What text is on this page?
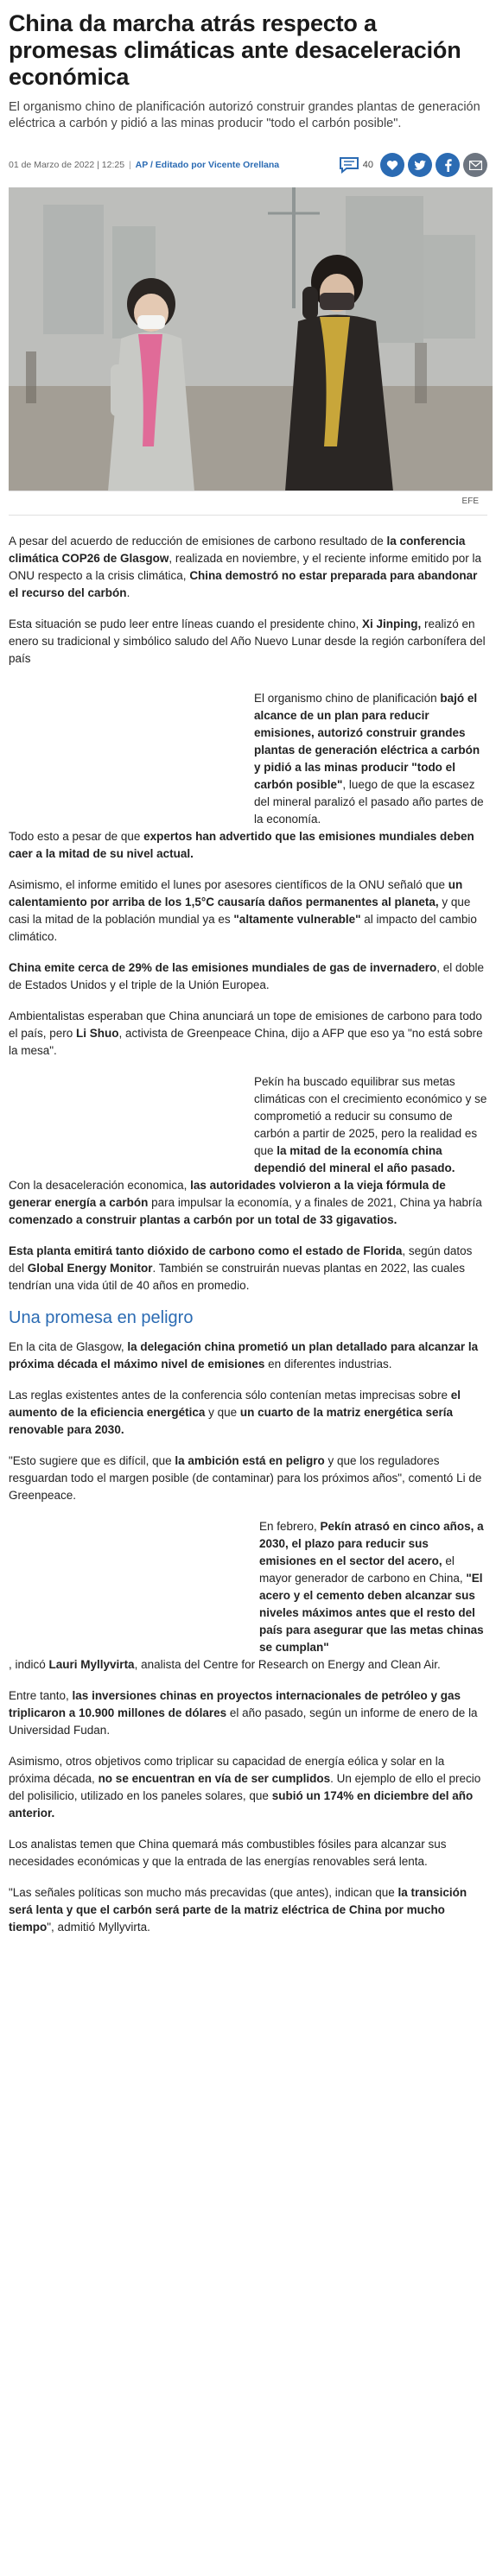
China da marcha atrás respecto a promesas climáticas ante desaceleración económica

El organismo chino de planificación autorizó construir grandes plantas de generación eléctrica a carbón y pidió a las minas producir "todo el carbón posible".

01 de Marzo de 2022 | 12:25 | AP / Editado por Vicente Orellana	40
EFE

A pesar del acuerdo de reducción de emisiones de carbono resultado de la conferencia climática COP26 de Glasgow, realizada en noviembre, y el reciente informe emitido por la ONU respecto a la crisis climática, China demostró no estar preparada para abandonar el recurso del carbón.

Esta situación se pudo leer entre líneas cuando el presidente chino, Xi Jinping, realizó en enero su tradicional y simbólico saludo del Año Nuevo Lunar desde la región carbonífera del país

El organismo chino de planificación bajó el alcance de un plan para reducir emisiones, autorizó construir grandes plantas de generación eléctrica a carbón y pidió a las minas producir "todo el carbón posible", luego de que la escasez del mineral paralizó el pasado año partes de la economía.

Todo esto a pesar de que expertos han advertido que las emisiones mundiales deben caer a la mitad de su nivel actual.

Asimismo, el informe emitido el lunes por asesores científicos de la ONU señaló que un calentamiento por arriba de los 1,5°C causaría daños permanentes al planeta, y que casi la mitad de la población mundial ya es "altamente vulnerable" al impacto del cambio climático.

China emite cerca de 29% de las emisiones mundiales de gas de invernadero, el doble de Estados Unidos y el triple de la Unión Europea.

Ambientalistas esperaban que China anunciará un tope de emisiones de carbono para todo el país, pero Li Shuo, activista de Greenpeace China, dijo a AFP que eso ya "no está sobre la mesa".

Pekín ha buscado equilibrar sus metas climáticas con el crecimiento económico y se comprometió a reducir su consumo de carbón a partir de 2025, pero la realidad es que la mitad de la economía china dependió del mineral el año pasado.

Con la desaceleración economica, las autoridades volvieron a la vieja fórmula de generar energía a carbón para impulsar la economía, y a finales de 2021, China ya habría comenzado a construir plantas a carbón por un total de 33 gigavatios.

Esta planta emitirá tanto dióxido de carbono como el estado de Florida, según datos del Global Energy Monitor. También se construirán nuevas plantas en 2022, las cuales tendrían una vida útil de 40 años en promedio.

Una promesa en peligro

En la cita de Glasgow, la delegación china prometió un plan detallado para alcanzar la próxima década el máximo nivel de emisiones en diferentes industrias.

Las reglas existentes antes de la conferencia sólo contenían metas imprecisas sobre el aumento de la eficiencia energética y que un cuarto de la matriz energética sería renovable para 2030.

"Esto sugiere que es difícil, que la ambición está en peligro y que los reguladores resguardan todo el margen posible (de contaminar) para los próximos años", comentó Li de Greenpeace.

En febrero, Pekín atrasó en cinco años, a 2030, el plazo para reducir sus emisiones en el sector del acero, el mayor generador de carbono en China, "El acero y el cemento deben alcanzar sus niveles máximos antes que el resto del país para asegurar que las metas chinas se cumplan"
, indicó Lauri Myllyvirta, analista del Centre for Research on Energy and Clean Air.

Entre tanto, las inversiones chinas en proyectos internacionales de petróleo y gas triplicaron a 10.900 millones de dólares el año pasado, según un informe de enero de la Universidad Fudan.

Asimismo, otros objetivos como triplicar su capacidad de energía eólica y solar en la próxima década, no se encuentran en vía de ser cumplidos. Un ejemplo de ello el precio del polisilicio, utilizado en los paneles solares, que subió un 174% en diciembre del año anterior.

Los analistas temen que China quemará más combustibles fósiles para alcanzar sus necesidades económicas y que la entrada de las energías renovables será lenta.

"Las señales políticas son mucho más precavidas (que antes), indican que la transición será lenta y que el carbón será parte de la matriz eléctrica de China por mucho tiempo", admitió Myllyvirta.
